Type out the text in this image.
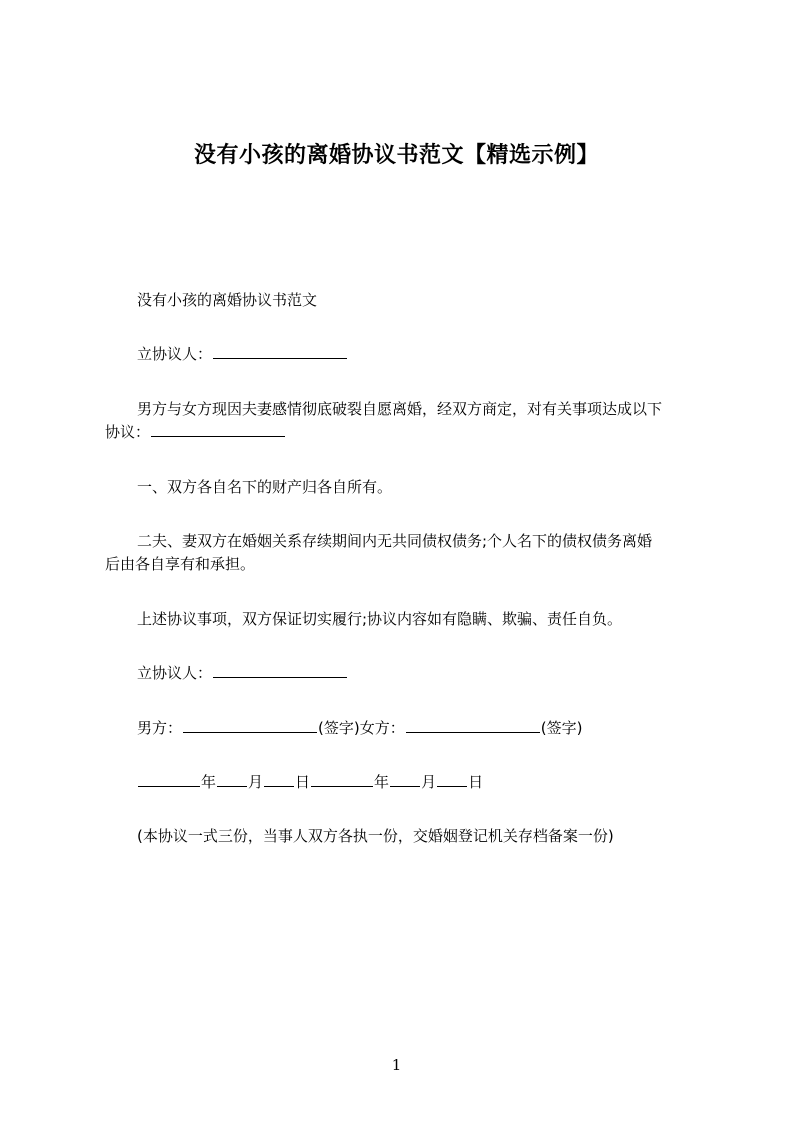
没有小孩的离婚协议书范文【精选示例】
没有小孩的离婚协议书范文
立协议人：
男方与女方现因夫妻感情彻底破裂自愿离婚，经双方商定，对有关事项达成以下
协议：
一、双方各自名下的财产归各自所有。
二夫、妻双方在婚姻关系存续期间内无共同债权债务;个人名下的债权债务离婚
后由各自享有和承担。
上述协议事项，双方保证切实履行;协议内容如有隐瞒、欺骗、责任自负。
立协议人：
男方：	(签字)女方：	(签字)
年 月 日	年 月 日
(本协议一式三份，当事人双方各执一份，交婚姻登记机关存档备案一份)
1
